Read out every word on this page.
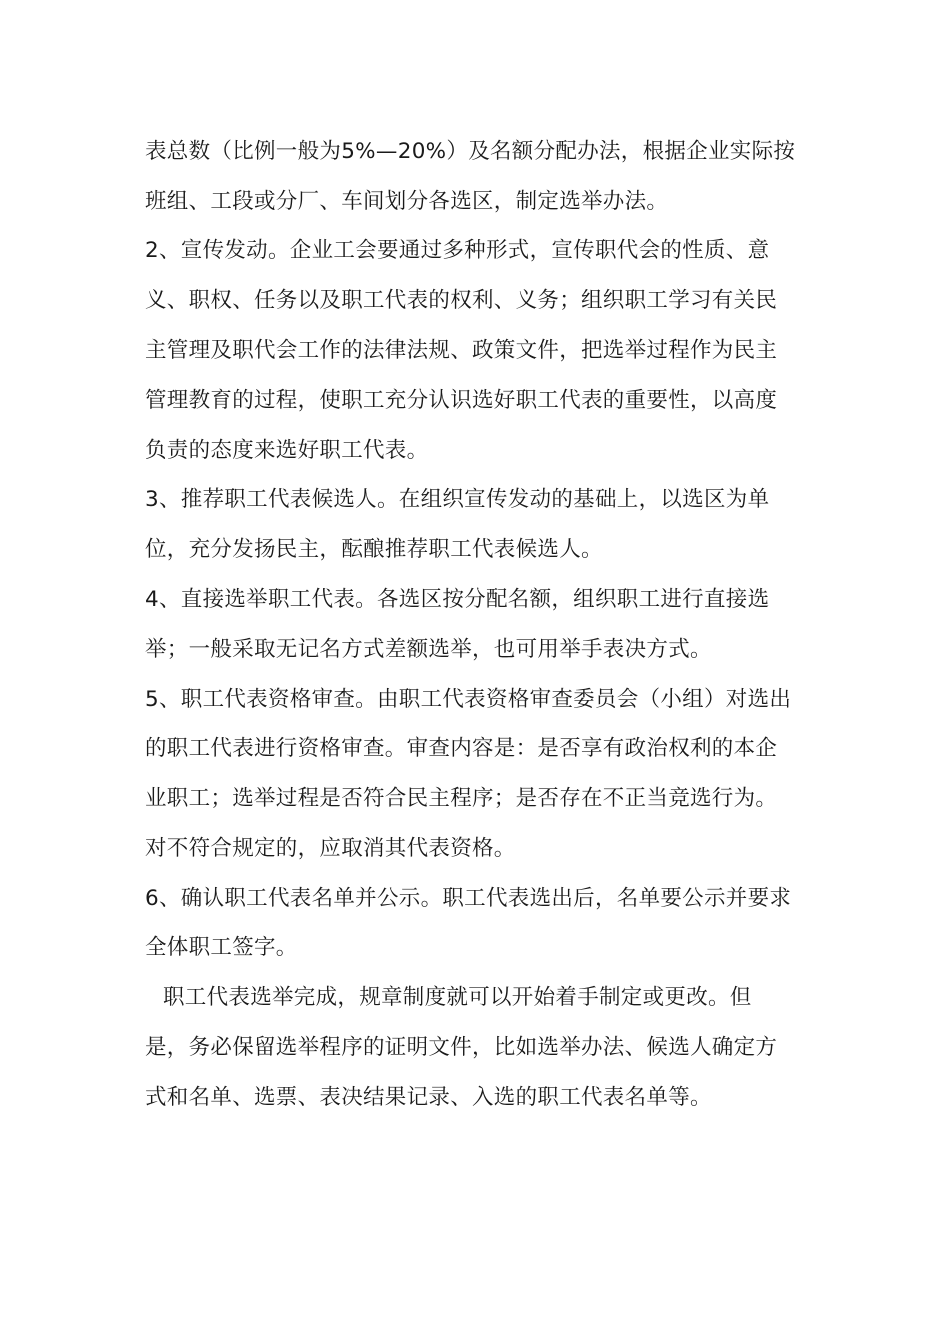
表总数（比例一般为5%—20%）及名额分配办法，根据企业实际按
班组、工段或分厂、车间划分各选区，制定选举办法。
2、宣传发动。企业工会要通过多种形式，宣传职代会的性质、意
义、职权、任务以及职工代表的权利、义务；组织职工学习有关民
主管理及职代会工作的法律法规、政策文件，把选举过程作为民主
管理教育的过程，使职工充分认识选好职工代表的重要性，以高度
负责的态度来选好职工代表。
3、推荐职工代表候选人。在组织宣传发动的基础上，以选区为单
位，充分发扬民主，酝酿推荐职工代表候选人。
4、直接选举职工代表。各选区按分配名额，组织职工进行直接选
举；一般采取无记名方式差额选举，也可用举手表决方式。
5、职工代表资格审查。由职工代表资格审查委员会（小组）对选出
的职工代表进行资格审查。审查内容是：是否享有政治权利的本企
业职工；选举过程是否符合民主程序；是否存在不正当竞选行为。
对不符合规定的，应取消其代表资格。
6、确认职工代表名单并公示。职工代表选出后，名单要公示并要求
全体职工签字。
职工代表选举完成，规章制度就可以开始着手制定或更改。但
是，务必保留选举程序的证明文件，比如选举办法、候选人确定方
式和名单、选票、表决结果记录、入选的职工代表名单等。
